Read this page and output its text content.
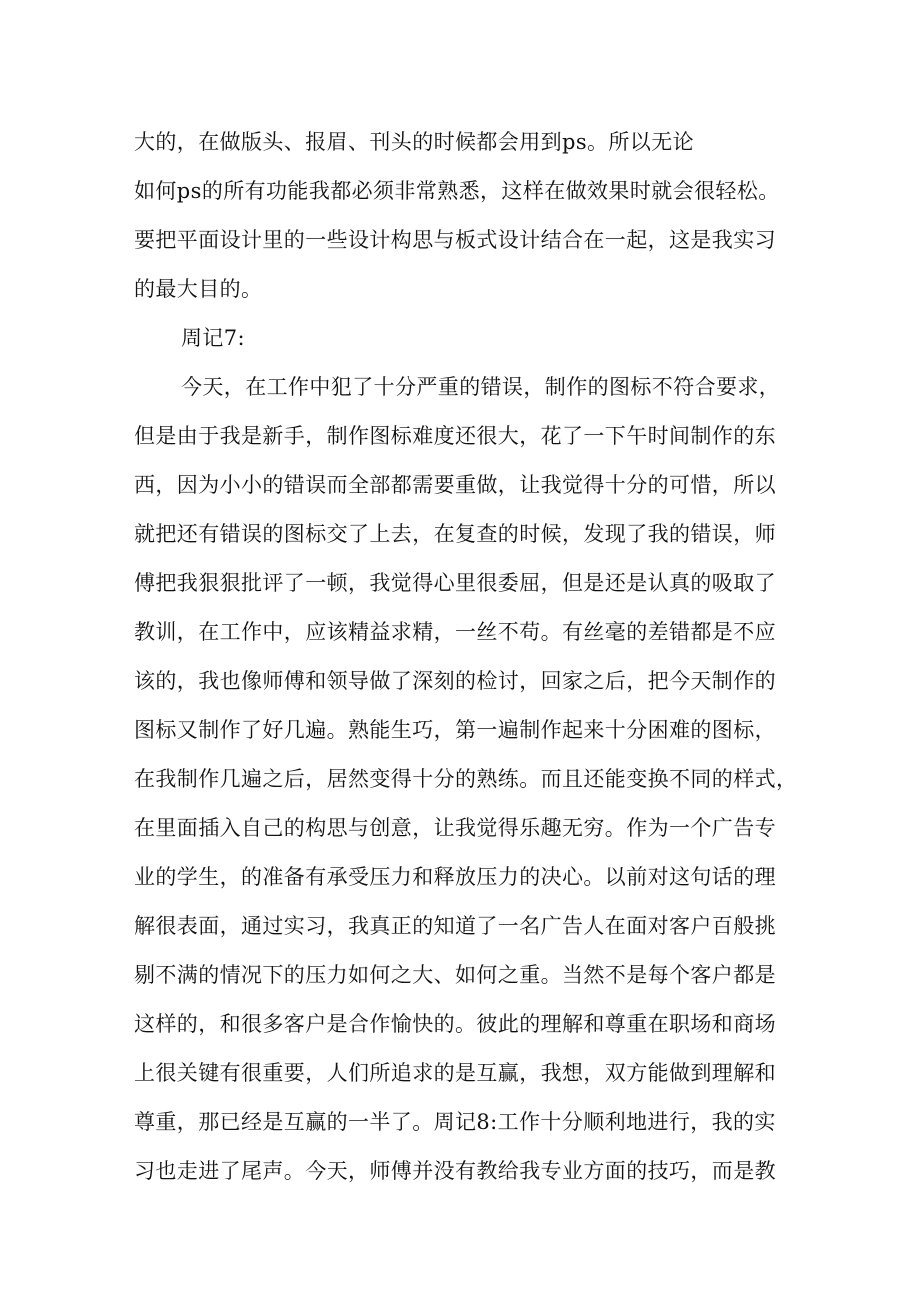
大的，在做版头、报眉、刊头的时候都会用到ps。所以无论
如何ps的所有功能我都必须非常熟悉，这样在做效果时就会很轻松。
要把平面设计里的一些设计构思与板式设计结合在一起，这是我实习
的最大目的。
周记7:
今天，在工作中犯了十分严重的错误，制作的图标不符合要求，
但是由于我是新手，制作图标难度还很大，花了一下午时间制作的东
西，因为小小的错误而全部都需要重做，让我觉得十分的可惜，所以
就把还有错误的图标交了上去，在复查的时候，发现了我的错误，师
傅把我狠狠批评了一顿，我觉得心里很委屈，但是还是认真的吸取了
教训，在工作中，应该精益求精，一丝不苟。有丝毫的差错都是不应
该的，我也像师傅和领导做了深刻的检讨，回家之后，把今天制作的
图标又制作了好几遍。熟能生巧，第一遍制作起来十分困难的图标，
在我制作几遍之后，居然变得十分的熟练。而且还能变换不同的样式，
在里面插入自己的构思与创意，让我觉得乐趣无穷。作为一个广告专
业的学生，的准备有承受压力和释放压力的决心。以前对这句话的理
解很表面，通过实习，我真正的知道了一名广告人在面对客户百般挑
剔不满的情况下的压力如何之大、如何之重。当然不是每个客户都是
这样的，和很多客户是合作愉快的。彼此的理解和尊重在职场和商场
上很关键有很重要，人们所追求的是互赢，我想，双方能做到理解和
尊重，那已经是互赢的一半了。周记8:工作十分顺利地进行，我的实
习也走进了尾声。今天，师傅并没有教给我专业方面的技巧，而是教
